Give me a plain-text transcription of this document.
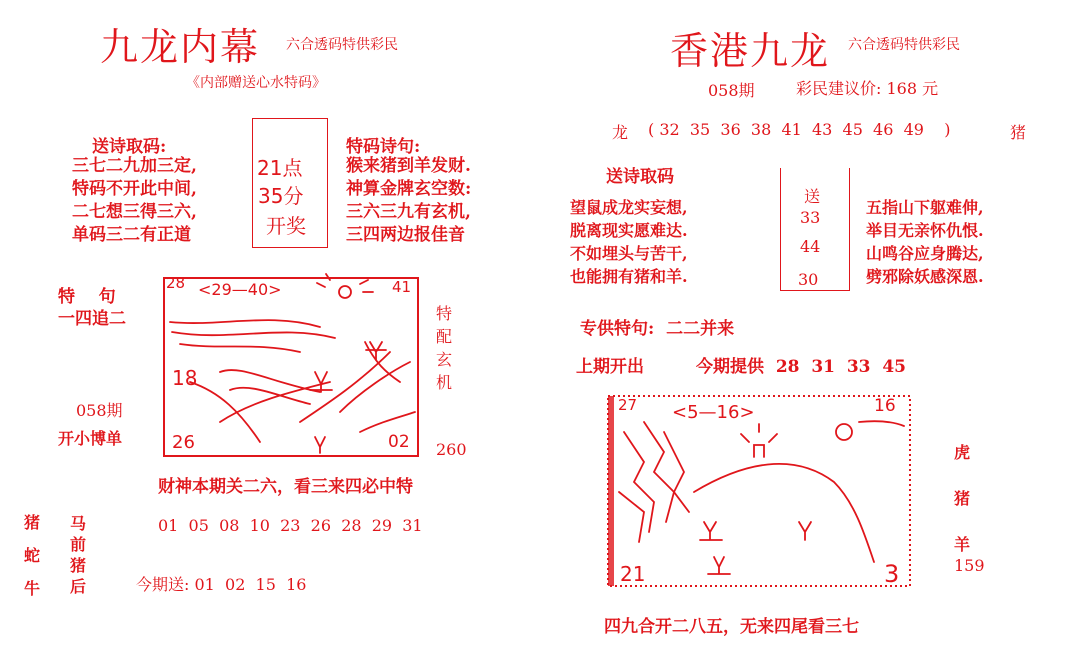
九龙内幕 六合透码特供彩民
《内部赠送心水特码》
送诗取码:
三七二九加三定,
特码不开此中间,
二七想三得三六,
单码三二有正道
21点
35分
开奖
特码诗句:
猴来猪到羊发财.
神算金牌玄空数:
三六三九有玄机,
三四两边报佳音
特    句
一四追二
058期
开小博单
28 <29—40>	41
18
26	02
特
配
玄
机
260
财神本期关二六，看三来四必中特
猪
蛇
牛
马
前
猪
后
01  05  08  10  23  26  28  29  31
今期送: 01  02  15  16
香港九龙 六合透码特供彩民
058期	彩民建议价: 168 元
龙 ( 32  35  36  38  41  43  45  46  49    )	猪
送诗取码
望鼠成龙实妄想,
脱离现实愿难达.
不如埋头与苦干,
也能拥有猪和羊.
送
33
44
30
五指山下躯难伸,
举目无亲怀仇恨.
山鸣谷应身腾达,
劈邪除妖感深恩.
专供特句:  二二并来
上期开出	今期提供  28  31  33  45
27 <5—16>	16
21	3
虎
猪
羊
159
四九合开二八五，无来四尾看三七
